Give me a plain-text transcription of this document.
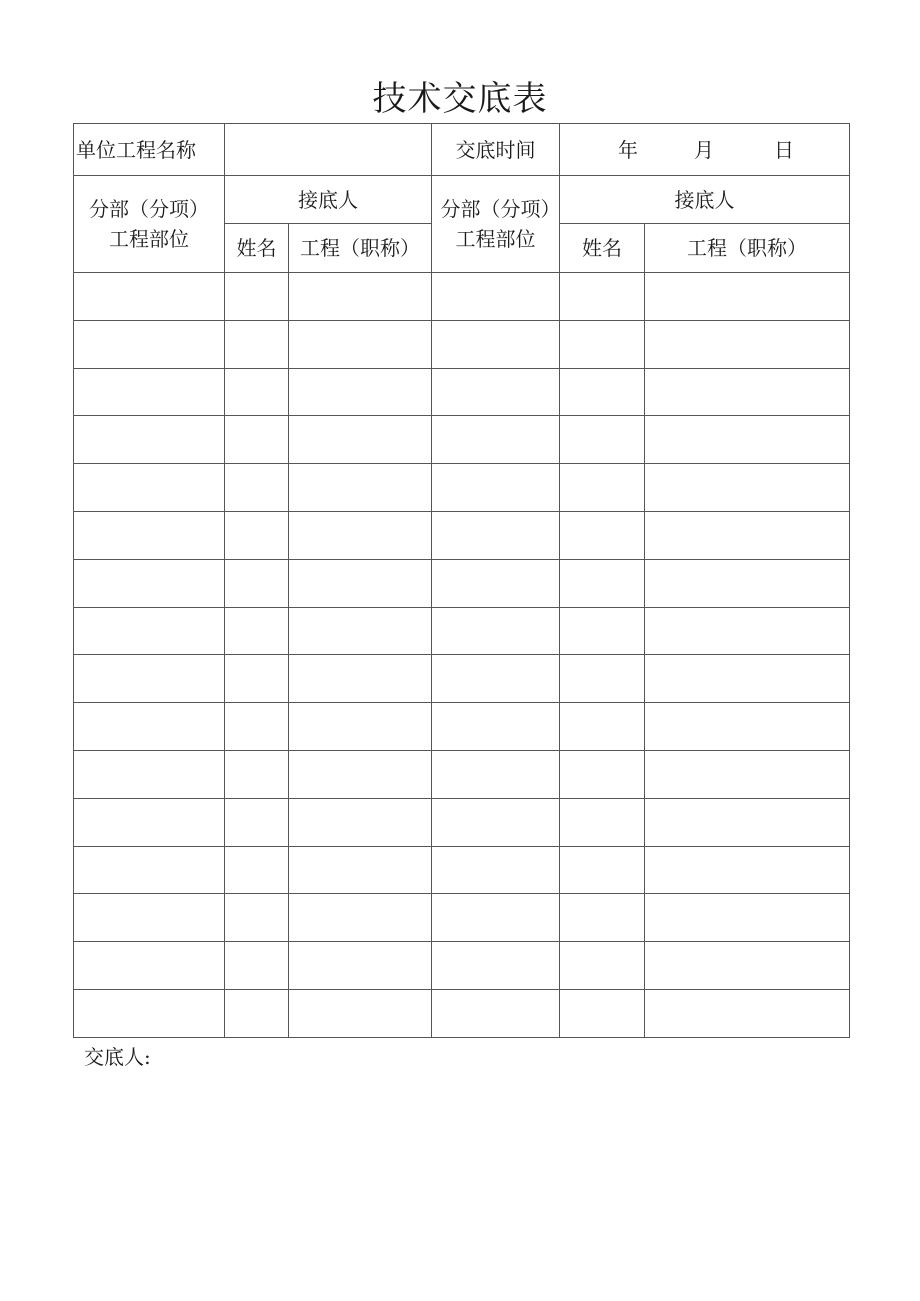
技术交底表
单位工程名称			交底时间	年 月 日	

分部（分项）工程部位	接底人		分部（分项）工程部位	接底人	
	姓名	工程（职称）		姓名	工程（职称）

交底人:
